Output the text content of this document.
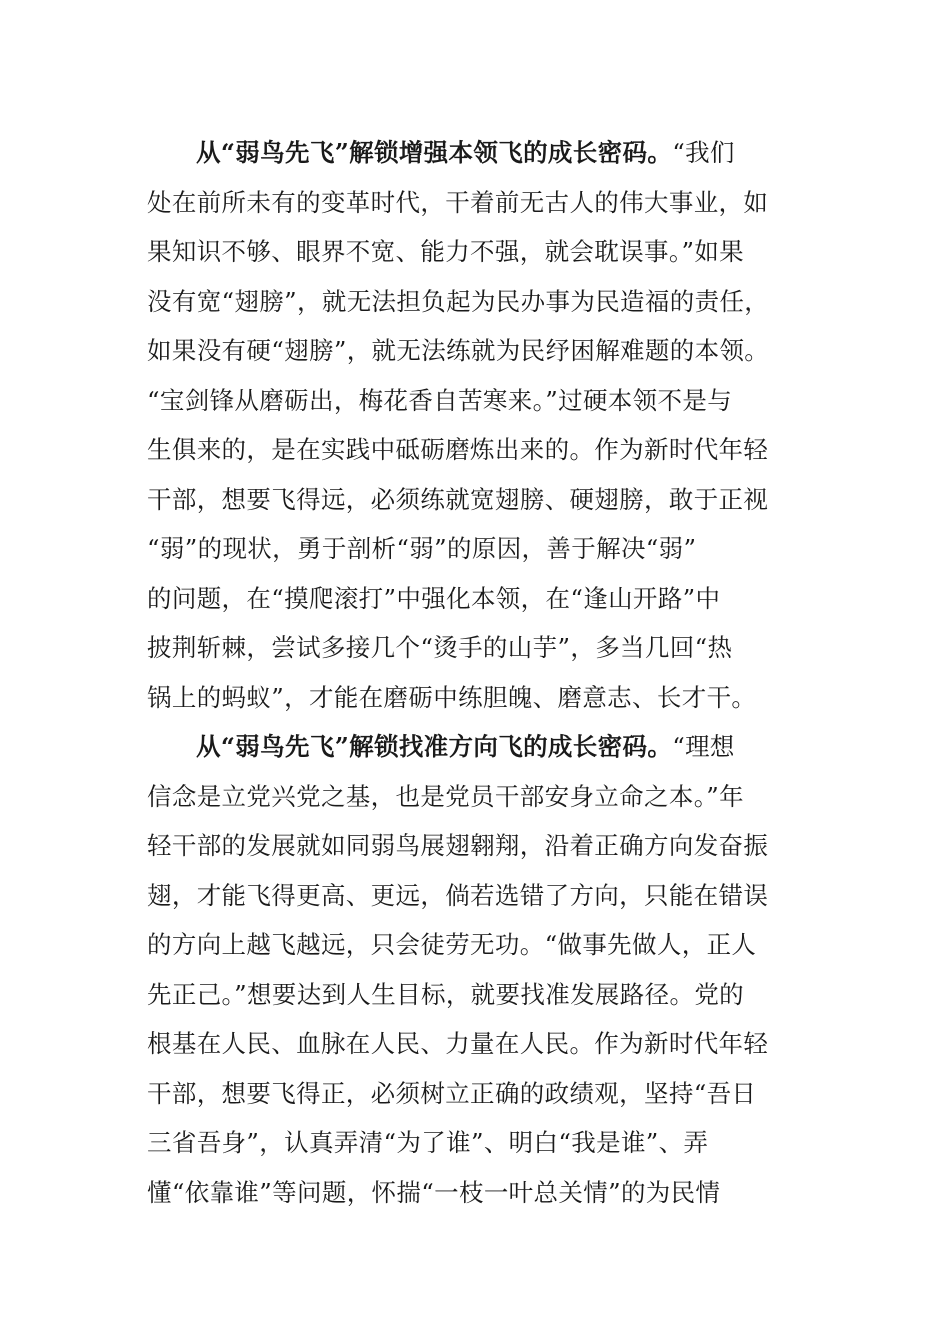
从“弱鸟先飞”解锁增强本领飞的成长密码。“我们
处在前所未有的变革时代，干着前无古人的伟大事业，如
果知识不够、眼界不宽、能力不强，就会耽误事。”如果
没有宽“翅膀”，就无法担负起为民办事为民造福的责任，
如果没有硬“翅膀”，就无法练就为民纾困解难题的本领。
“宝剑锋从磨砺出，梅花香自苦寒来。”过硬本领不是与
生俱来的，是在实践中砥砺磨炼出来的。作为新时代年轻
干部，想要飞得远，必须练就宽翅膀、硬翅膀，敢于正视
“弱”的现状，勇于剖析“弱”的原因，善于解决“弱”
的问题，在“摸爬滚打”中强化本领，在“逢山开路”中
披荆斩棘，尝试多接几个“烫手的山芋”，多当几回“热
锅上的蚂蚁”，才能在磨砺中练胆魄、磨意志、长才干。
从“弱鸟先飞”解锁找准方向飞的成长密码。“理想
信念是立党兴党之基，也是党员干部安身立命之本。”年
轻干部的发展就如同弱鸟展翅翱翔，沿着正确方向发奋振
翅，才能飞得更高、更远，倘若选错了方向，只能在错误
的方向上越飞越远，只会徒劳无功。“做事先做人，正人
先正己。”想要达到人生目标，就要找准发展路径。党的
根基在人民、血脉在人民、力量在人民。作为新时代年轻
干部，想要飞得正，必须树立正确的政绩观，坚持“吾日
三省吾身”，认真弄清“为了谁”、明白“我是谁”、弄
懂“依靠谁”等问题，怀揣“一枝一叶总关情”的为民情
